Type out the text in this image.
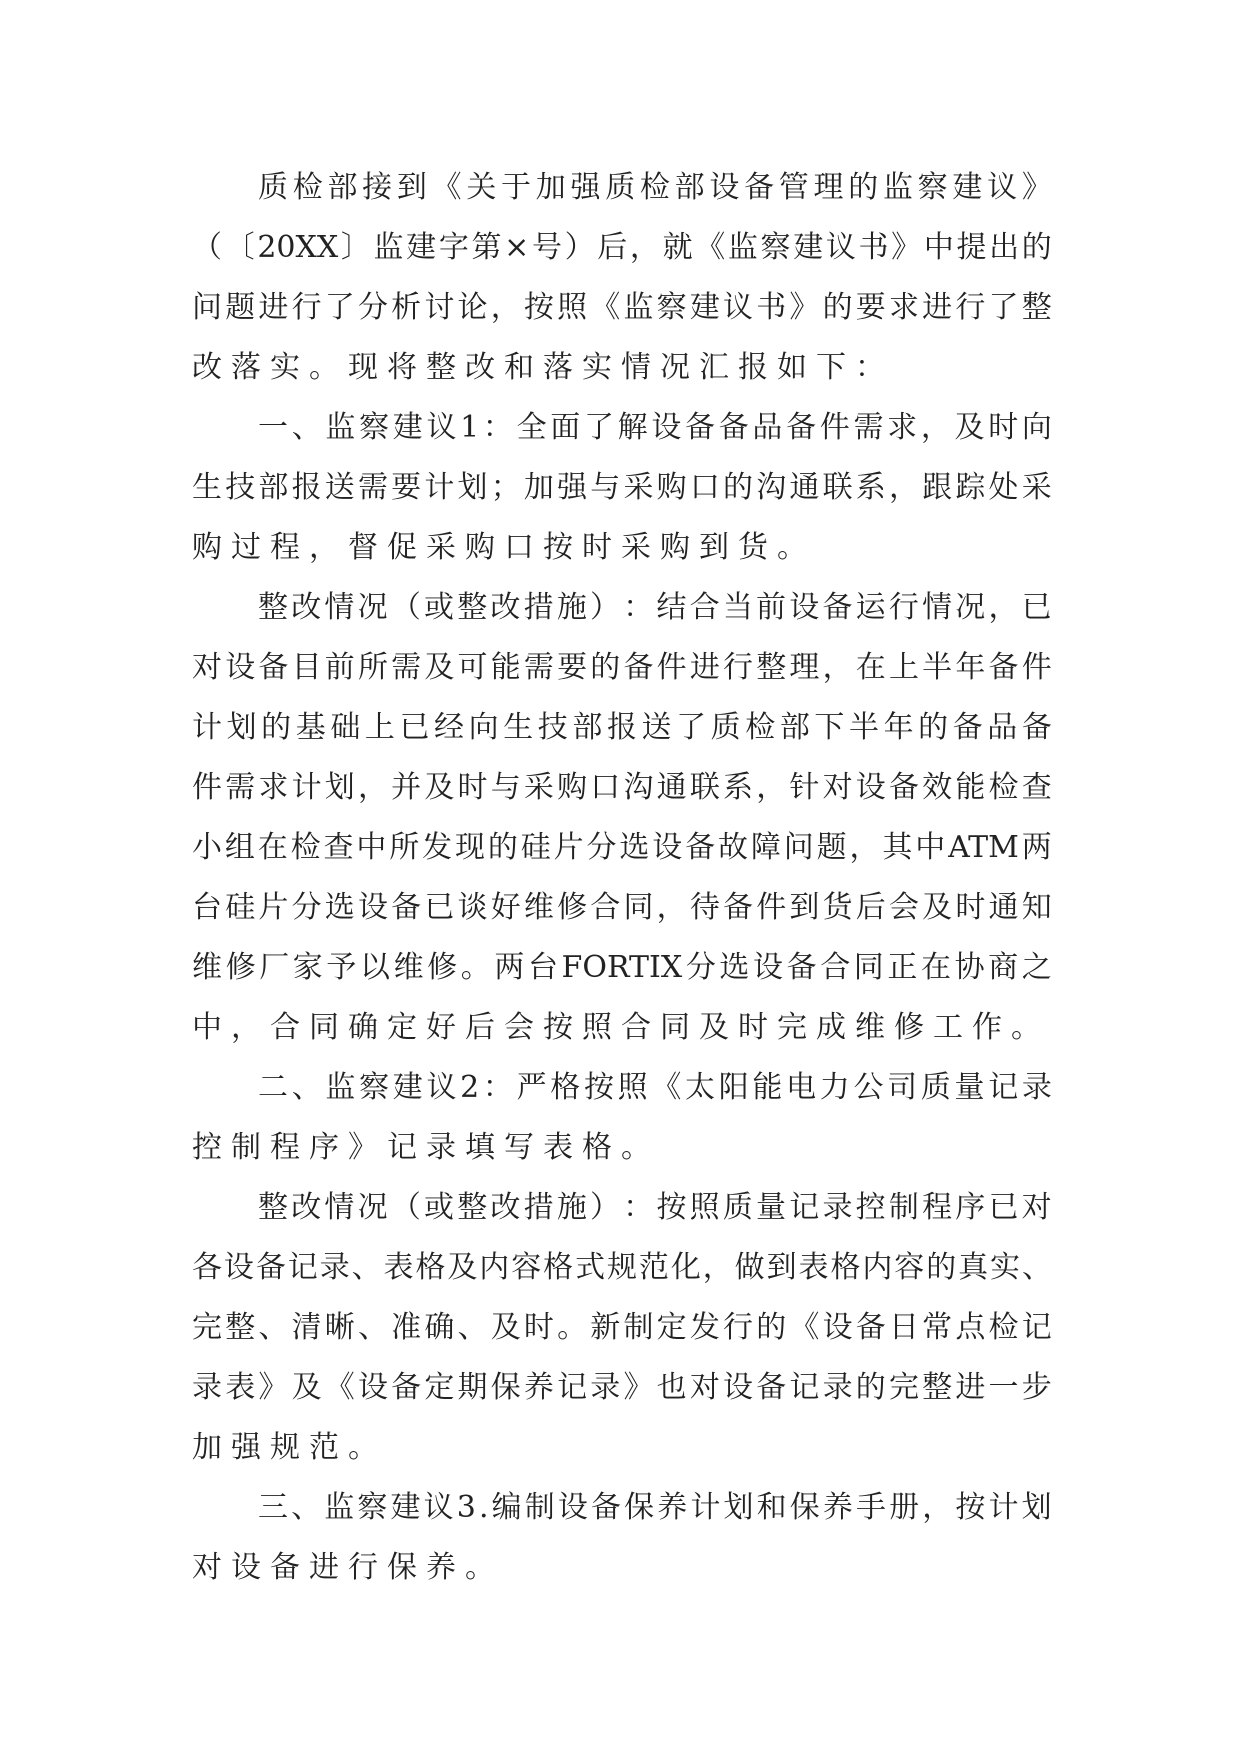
质 检 部 接 到 《 关 于 加 强 质 检 部 设 备 管 理 的 监 察 建 议 》
（ 〔 20XX 〕 监 建 字 第 × 号 ） 后 ， 就 《 监 察 建 议 书 》 中 提 出 的
问 题 进 行 了 分 析 讨 论 ， 按 照 《 监 察 建 议 书 》 的 要 求 进 行 了 整
改落实。现将整改和落实情况汇报如下：
一 、 监 察 建 议 1 ： 全 面 了 解 设 备 备 品 备 件 需 求 ， 及 时 向
生 技 部 报 送 需 要 计 划 ； 加 强 与 采 购 口 的 沟 通 联 系 ， 跟 踪 处 采
购过程，督促采购口按时采购到货。
整 改 情 况 （ 或 整 改 措 施 ） ： 结 合 当 前 设 备 运 行 情 况 ， 已
对 设 备 目 前 所 需 及 可 能 需 要 的 备 件 进 行 整 理 ， 在 上 半 年 备 件
计 划 的 基 础 上 已 经 向 生 技 部 报 送 了 质 检 部 下 半 年 的 备 品 备
件 需 求 计 划 ， 并 及 时 与 采 购 口 沟 通 联 系 ， 针 对 设 备 效 能 检 查
小 组 在 检 查 中 所 发 现 的 硅 片 分 选 设 备 故 障 问 题 ， 其 中 ATM 两
台 硅 片 分 选 设 备 已 谈 好 维 修 合 同 ， 待 备 件 到 货 后 会 及 时 通 知
维 修 厂 家 予 以 维 修 。 两 台 FORTIX 分 选 设 备 合 同 正 在 协 商 之
中，合同确定好后会按照合同及时完成维修工作。
二 、 监 察 建 议 2 ： 严 格 按 照 《 太 阳 能 电 力 公 司 质 量 记 录
控制程序》记录填写表格。
整 改 情 况 （ 或 整 改 措 施 ） ： 按 照 质 量 记 录 控 制 程 序 已 对
各 设 备 记 录 、 表 格 及 内 容 格 式 规 范 化 ， 做 到 表 格 内 容 的 真 实 、
完 整 、 清 晰 、 准 确 、 及 时 。 新 制 定 发 行 的 《 设 备 日 常 点 检 记
录 表 》 及 《 设 备 定 期 保 养 记 录 》 也 对 设 备 记 录 的 完 整 进 一 步
加强规范。
三 、 监 察 建 议 3 . 编 制 设 备 保 养 计 划 和 保 养 手 册 ， 按 计 划
对设备进行保养。
